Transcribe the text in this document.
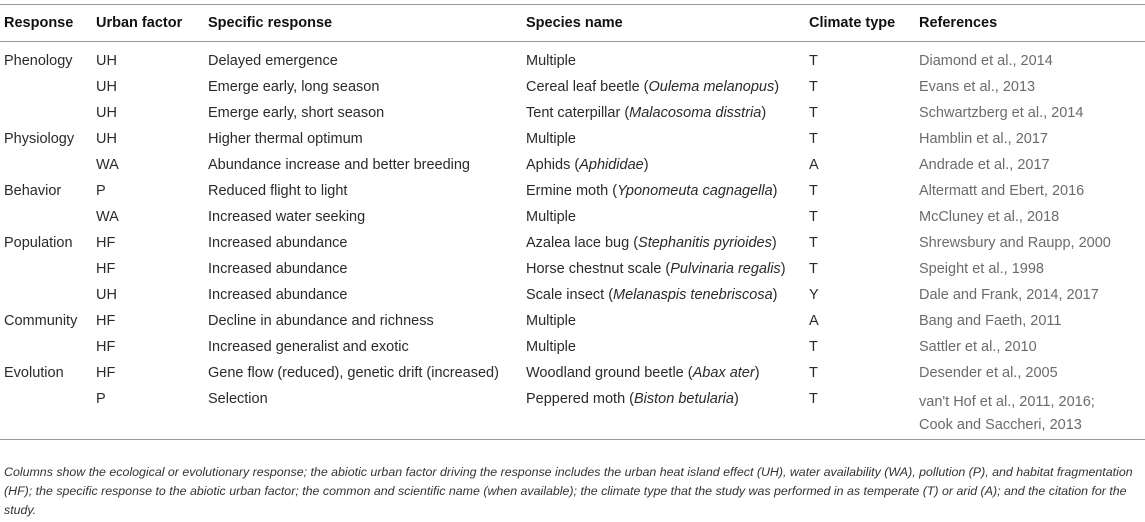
	Response	Urban factor	Specific response	Species name	Climate type	References
	Phenology	UH	Delayed emergence	Multiple	T	Diamond et al., 2014

		UH	Emerge early, long season	Cereal leaf beetle (Oulema melanopus)	T	Evans et al., 2013

		UH	Emerge early, short season	Tent caterpillar (Malacosoma disstria)	T	Schwartzberg et al., 2014

	Physiology	UH	Higher thermal optimum	Multiple	T	Hamblin et al., 2017

		WA	Abundance increase and better breeding	Aphids (Aphididae)	A	Andrade et al., 2017

	Behavior	P	Reduced flight to light	Ermine moth (Yponomeuta cagnagella)	T	Altermatt and Ebert, 2016

		WA	Increased water seeking	Multiple	T	McCluney et al., 2018

	Population	HF	Increased abundance	Azalea lace bug (Stephanitis pyrioides)	T	Shrewsbury and Raupp, 2000

		HF	Increased abundance	Horse chestnut scale (Pulvinaria regalis)	T	Speight et al., 1998

		UH	Increased abundance	Scale insect (Melanaspis tenebriscosa)	Y	Dale and Frank, 2014, 2017

	Community	HF	Decline in abundance and richness	Multiple	A	Bang and Faeth, 2011

		HF	Increased generalist and exotic	Multiple	T	Sattler et al., 2010

	Evolution	HF	Gene flow (reduced), genetic drift (increased)	Woodland ground beetle (Abax ater)	T	Desender et al., 2005

		P	Selection	Peppered moth (Biston betularia)	T	van't Hof et al., 2011, 2016;
Cook and Saccheri, 2013
Columns show the ecological or evolutionary response; the abiotic urban factor driving the response includes the urban heat island effect (UH), water availability (WA), pollution (P), and habitat fragmentation (HF); the specific response to the abiotic urban factor; the common and scientific name (when available); the climate type that the study was performed in as temperate (T) or arid (A); and the citation for the study.
